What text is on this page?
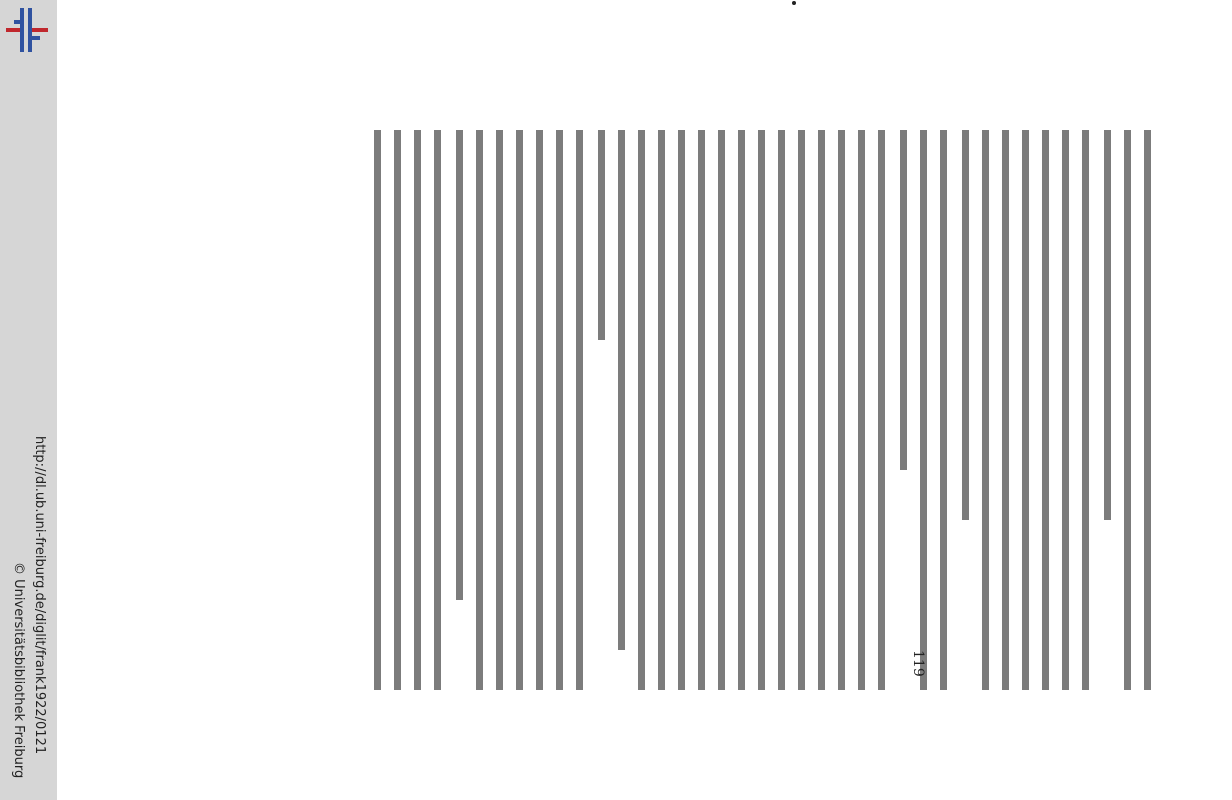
http://dl.ub.uni-freiburg.de/diglit/frank1922/0121
© Universitätsbibliothek Freiburg	119
